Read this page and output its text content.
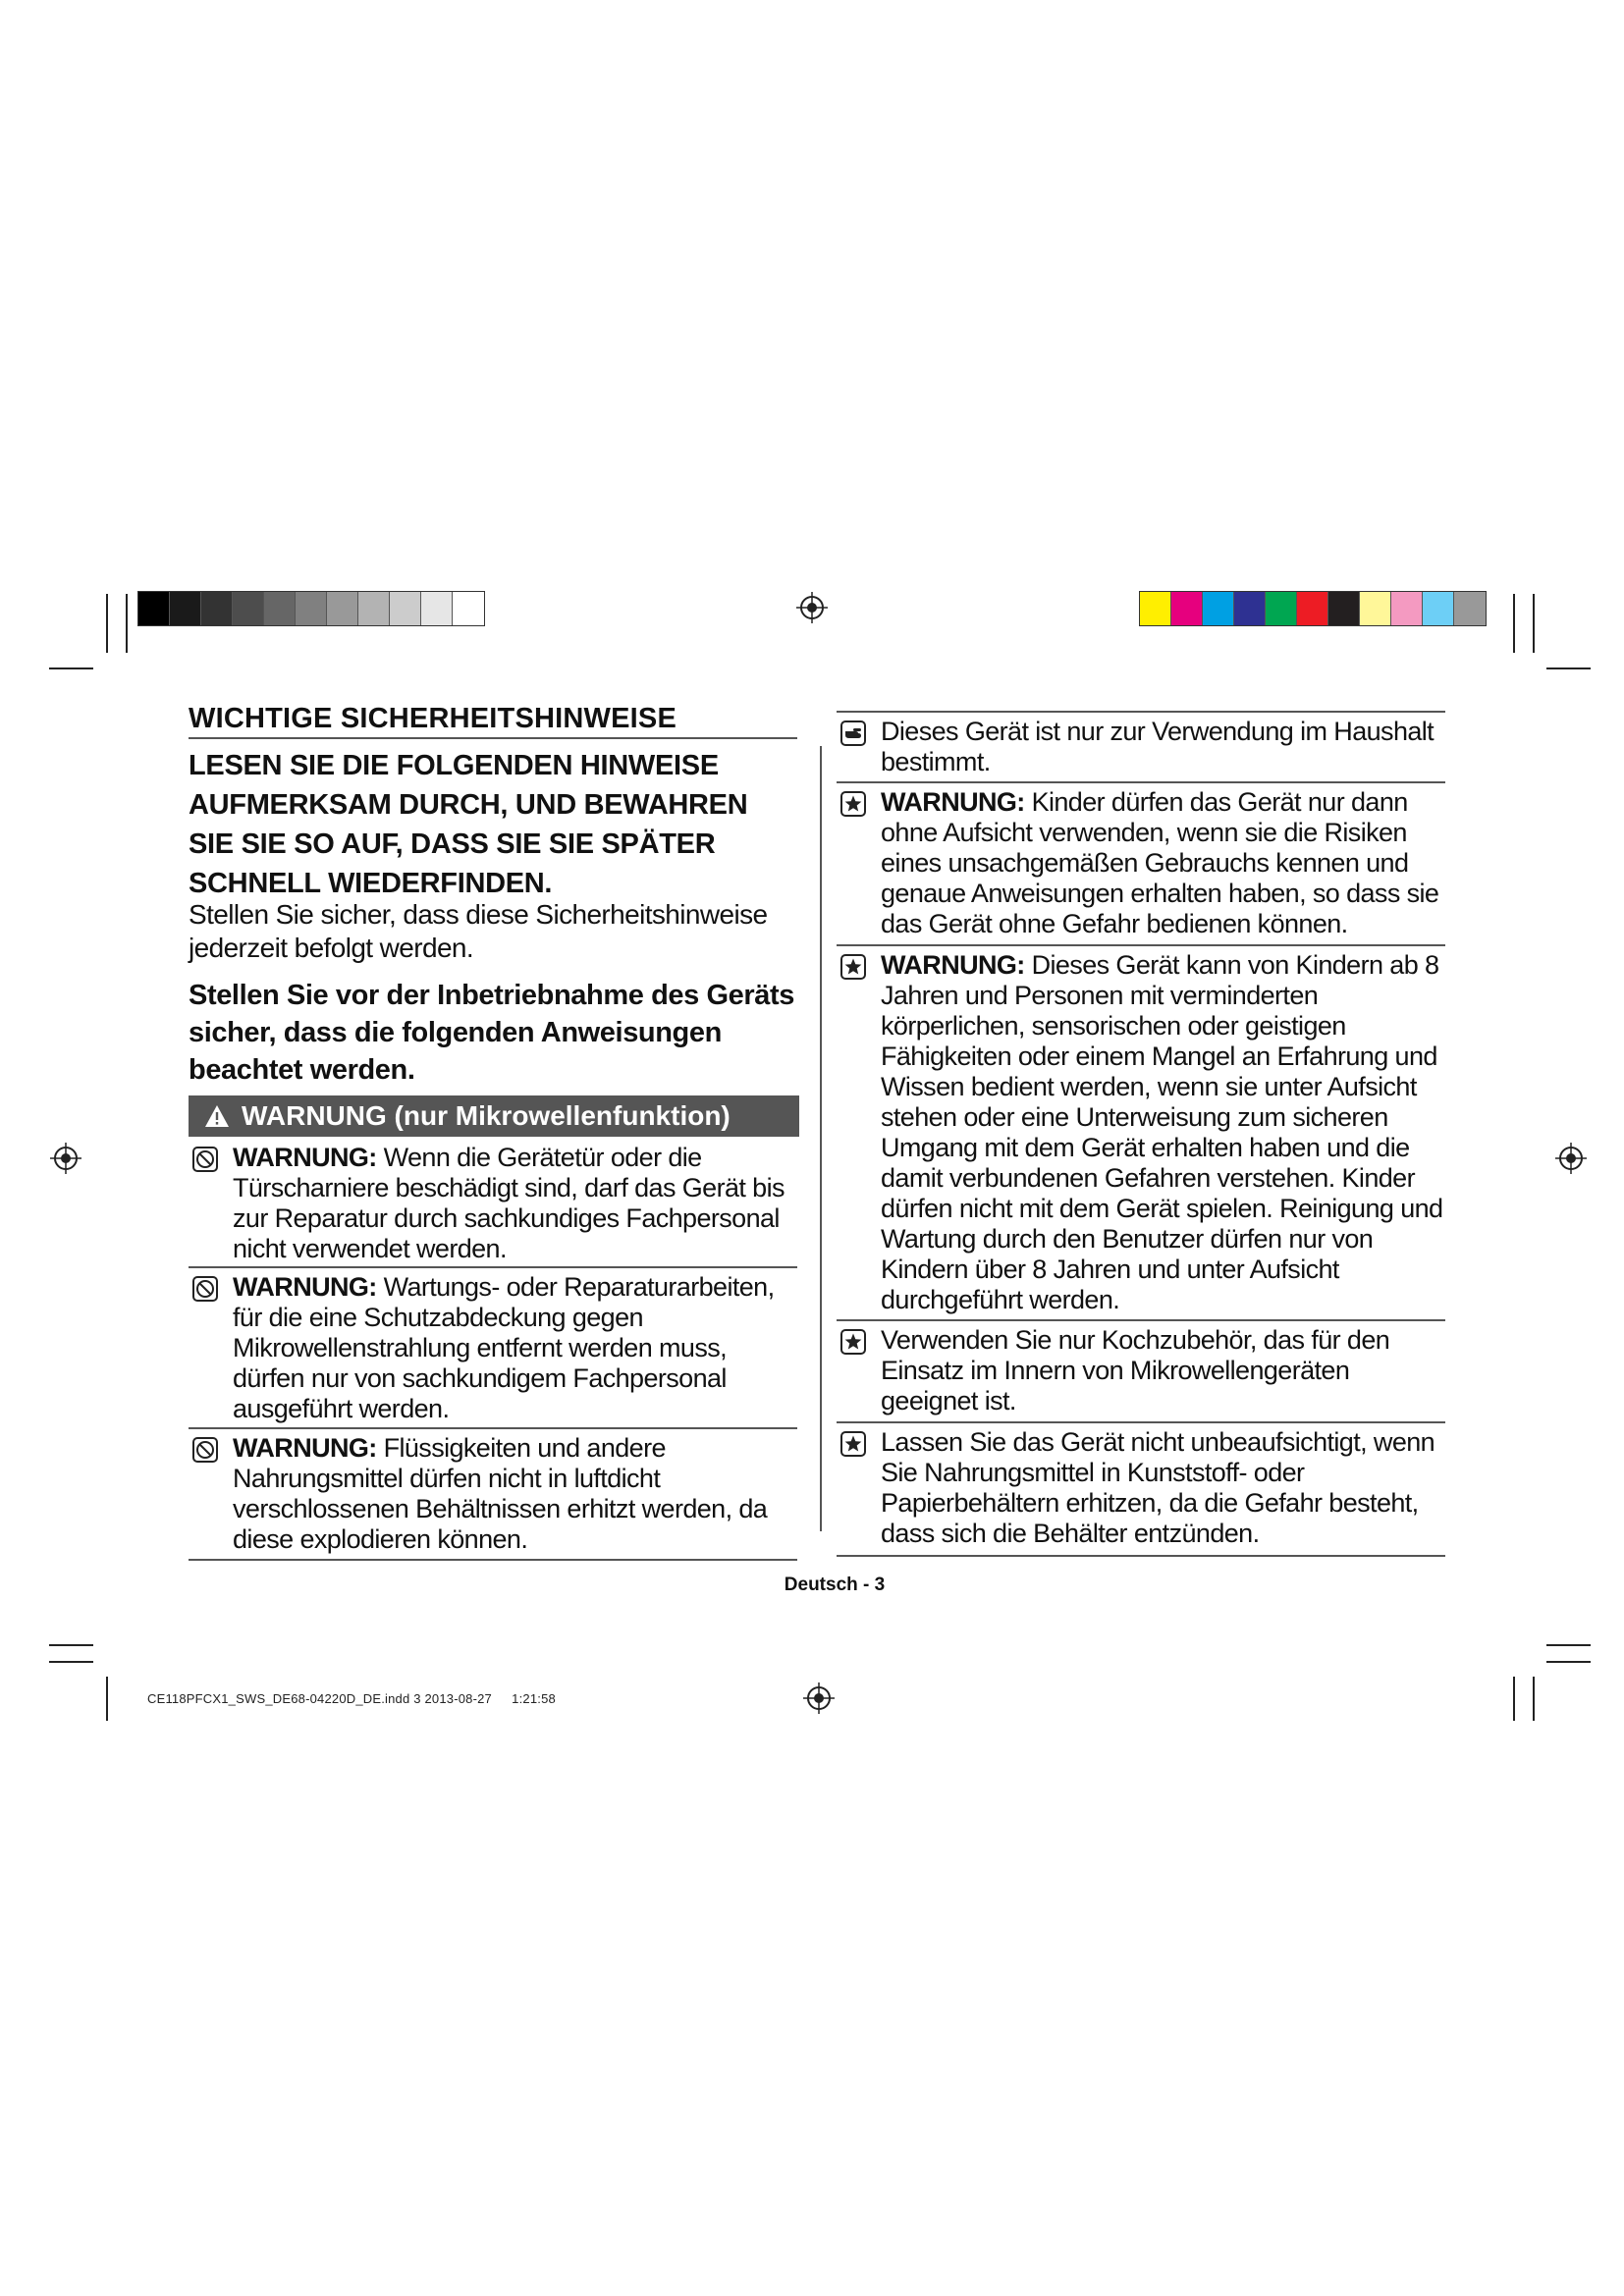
WICHTIGE SICHERHEITSHINWEISE
LESEN SIE DIE FOLGENDEN HINWEISE AUFMERKSAM DURCH, UND BEWAHREN SIE SIE SO AUF, DASS SIE SIE SPÄTER SCHNELL WIEDERFINDEN.
Stellen Sie sicher, dass diese Sicherheitshinweise jederzeit befolgt werden.
Stellen Sie vor der Inbetriebnahme des Geräts sicher, dass die folgenden Anweisungen beachtet werden.
WARNUNG (nur Mikrowellenfunktion)
WARNUNG: Wenn die Gerätetür oder die Türscharniere beschädigt sind, darf das Gerät bis zur Reparatur durch sachkundiges Fachpersonal nicht verwendet werden.
WARNUNG: Wartungs- oder Reparaturarbeiten, für die eine Schutzabdeckung gegen Mikrowellenstrahlung entfernt werden muss, dürfen nur von sachkundigem Fachpersonal ausgeführt werden.
WARNUNG: Flüssigkeiten und andere Nahrungsmittel dürfen nicht in luftdicht verschlossenen Behältnissen erhitzt werden, da diese explodieren können.
Dieses Gerät ist nur zur Verwendung im Haushalt bestimmt.
WARNUNG: Kinder dürfen das Gerät nur dann ohne Aufsicht verwenden, wenn sie die Risiken eines unsachgemäßen Gebrauchs kennen und genaue Anweisungen erhalten haben, so dass sie das Gerät ohne Gefahr bedienen können.
WARNUNG: Dieses Gerät kann von Kindern ab 8 Jahren und Personen mit verminderten körperlichen, sensorischen oder geistigen Fähigkeiten oder einem Mangel an Erfahrung und Wissen bedient werden, wenn sie unter Aufsicht stehen oder eine Unterweisung zum sicheren Umgang mit dem Gerät erhalten haben und die damit verbundenen Gefahren verstehen. Kinder dürfen nicht mit dem Gerät spielen. Reinigung und Wartung durch den Benutzer dürfen nur von Kindern über 8 Jahren und unter Aufsicht durchgeführt werden.
Verwenden Sie nur Kochzubehör, das für den Einsatz im Innern von Mikrowellengeräten geeignet ist.
Lassen Sie das Gerät nicht unbeaufsichtigt, wenn Sie Nahrungsmittel in Kunststoff- oder Papierbehältern erhitzen, da die Gefahr besteht, dass sich die Behälter entzünden.
Deutsch - 3
CE118PFCX1_SWS_DE68-04220D_DE.indd 3 2013-08-27 ㅤ 1:21:58
